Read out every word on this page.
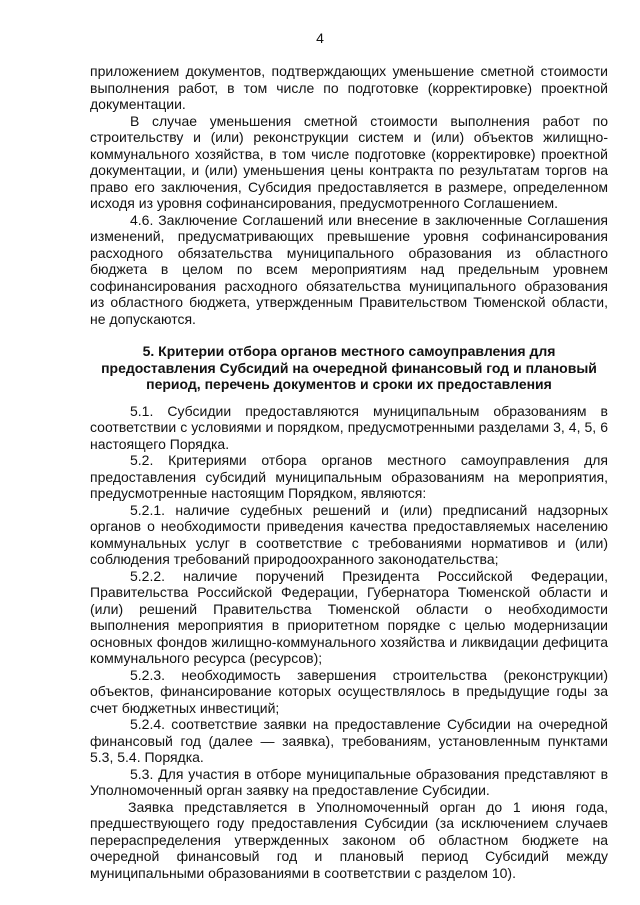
4

приложением документов, подтверждающих уменьшение сметной стоимости выполнения работ, в том числе по подготовке (корректировке) проектной документации.

В случае уменьшения сметной стоимости выполнения работ по строительству и (или) реконструкции систем и (или) объектов жилищно-коммунального хозяйства, в том числе подготовке (корректировке) проектной документации, и (или) уменьшения цены контракта по результатам торгов на право его заключения, Субсидия предоставляется в размере, определенном исходя из уровня софинансирования, предусмотренного Соглашением.

4.6. Заключение Соглашений или внесение в заключенные Соглашения изменений, предусматривающих превышение уровня софинансирования расходного обязательства муниципального образования из областного бюджета в целом по всем мероприятиям над предельным уровнем софинансирования расходного обязательства муниципального образования из областного бюджета, утвержденным Правительством Тюменской области, не допускаются.

5. Критерии отбора органов местного самоуправления для предоставления Субсидий на очередной финансовый год и плановый период, перечень документов и сроки их предоставления

5.1. Субсидии предоставляются муниципальным образованиям в соответствии с условиями и порядком, предусмотренными разделами 3, 4, 5, 6 настоящего Порядка.

5.2. Критериями отбора органов местного самоуправления для предоставления субсидий муниципальным образованиям на мероприятия, предусмотренные настоящим Порядком, являются:

5.2.1. наличие судебных решений и (или) предписаний надзорных органов о необходимости приведения качества предоставляемых населению коммунальных услуг в соответствие с требованиями нормативов и (или) соблюдения требований природоохранного законодательства;

5.2.2. наличие поручений Президента Российской Федерации, Правительства Российской Федерации, Губернатора Тюменской области и (или) решений Правительства Тюменской области о необходимости выполнения мероприятия в приоритетном порядке с целью модернизации основных фондов жилищно-коммунального хозяйства и ликвидации дефицита коммунального ресурса (ресурсов);

5.2.3. необходимость завершения строительства (реконструкции) объектов, финансирование которых осуществлялось в предыдущие годы за счет бюджетных инвестиций;

5.2.4. соответствие заявки на предоставление Субсидии на очередной финансовый год (далее — заявка), требованиям, установленным пунктами 5.3, 5.4. Порядка.

5.3. Для участия в отборе муниципальные образования представляют в Уполномоченный орган заявку на предоставление Субсидии.

Заявка представляется в Уполномоченный орган до 1 июня года, предшествующего году предоставления Субсидии (за исключением случаев перераспределения утвержденных законом об областном бюджете на очередной финансовый год и плановый период Субсидий между муниципальными образованиями в соответствии с разделом 10).
